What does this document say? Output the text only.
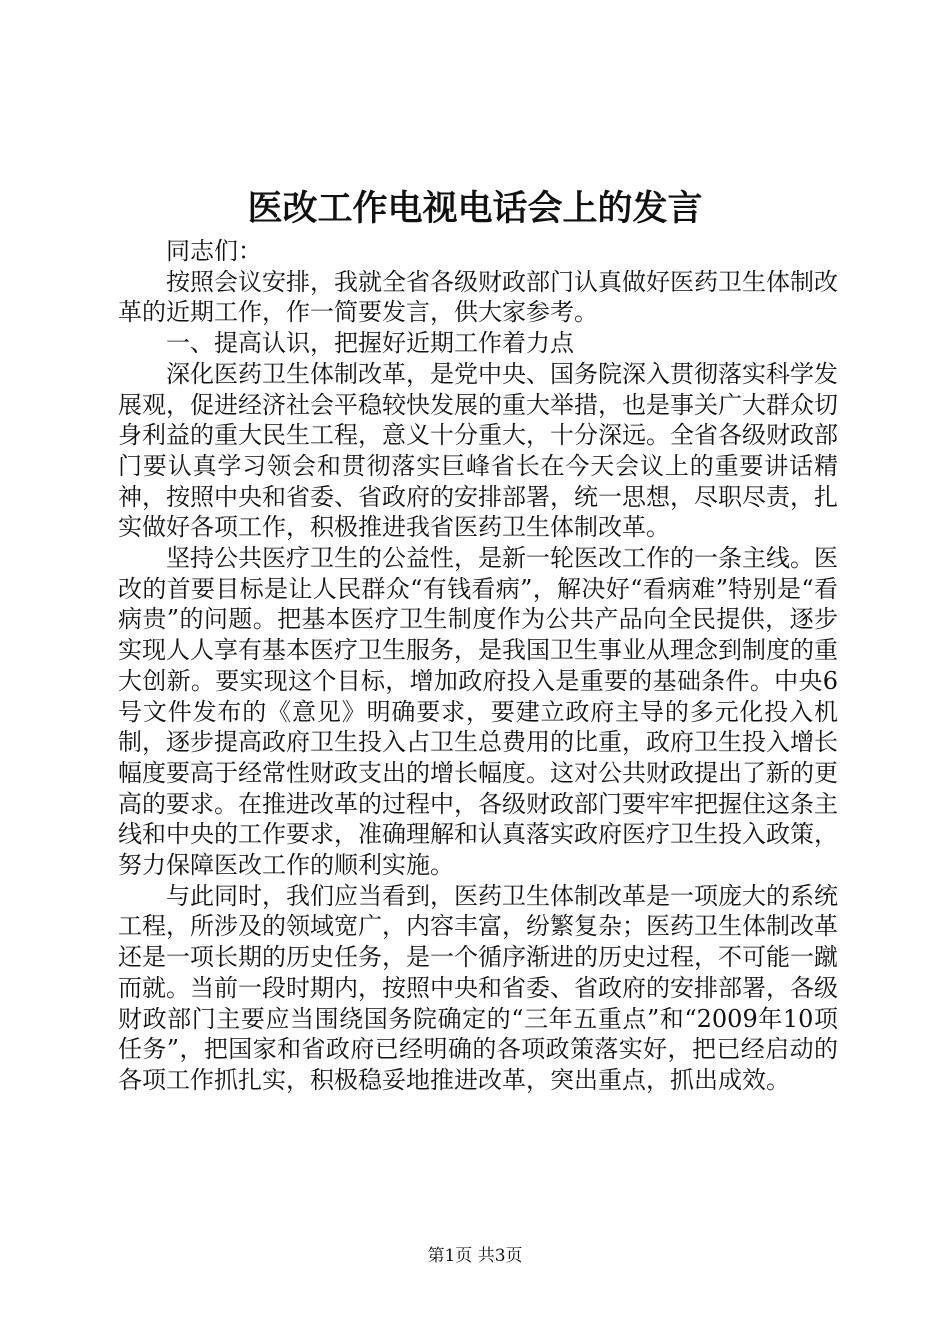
医改工作电视电话会上的发言

同志们：

按照会议安排，我就全省各级财政部门认真做好医药卫生体制改革的近期工作，作一简要发言，供大家参考。

一、提高认识，把握好近期工作着力点

深化医药卫生体制改革，是党中央、国务院深入贯彻落实科学发展观，促进经济社会平稳较快发展的重大举措，也是事关广大群众切身利益的重大民生工程，意义十分重大，十分深远。全省各级财政部门要认真学习领会和贯彻落实巨峰省长在今天会议上的重要讲话精神，按照中央和省委、省政府的安排部署，统一思想，尽职尽责，扎实做好各项工作，积极推进我省医药卫生体制改革。

坚持公共医疗卫生的公益性，是新一轮医改工作的一条主线。医改的首要目标是让人民群众“有钱看病”，解决好“看病难”特别是“看病贵”的问题。把基本医疗卫生制度作为公共产品向全民提供，逐步实现人人享有基本医疗卫生服务，是我国卫生事业从理念到制度的重大创新。要实现这个目标，增加政府投入是重要的基础条件。中央6号文件发布的《意见》明确要求，要建立政府主导的多元化投入机制，逐步提高政府卫生投入占卫生总费用的比重，政府卫生投入增长幅度要高于经常性财政支出的增长幅度。这对公共财政提出了新的更高的要求。在推进改革的过程中，各级财政部门要牢牢把握住这条主线和中央的工作要求，准确理解和认真落实政府医疗卫生投入政策，努力保障医改工作的顺利实施。

与此同时，我们应当看到，医药卫生体制改革是一项庞大的系统工程，所涉及的领域宽广，内容丰富，纷繁复杂；医药卫生体制改革还是一项长期的历史任务，是一个循序渐进的历史过程，不可能一蹴而就。当前一段时期内，按照中央和省委、省政府的安排部署，各级财政部门主要应当围绕国务院确定的“三年五重点”和“2009年10项任务”，把国家和省政府已经明确的各项政策落实好，把已经启动的各项工作抓扎实，积极稳妥地推进改革，突出重点，抓出成效。

第1页 共3页
